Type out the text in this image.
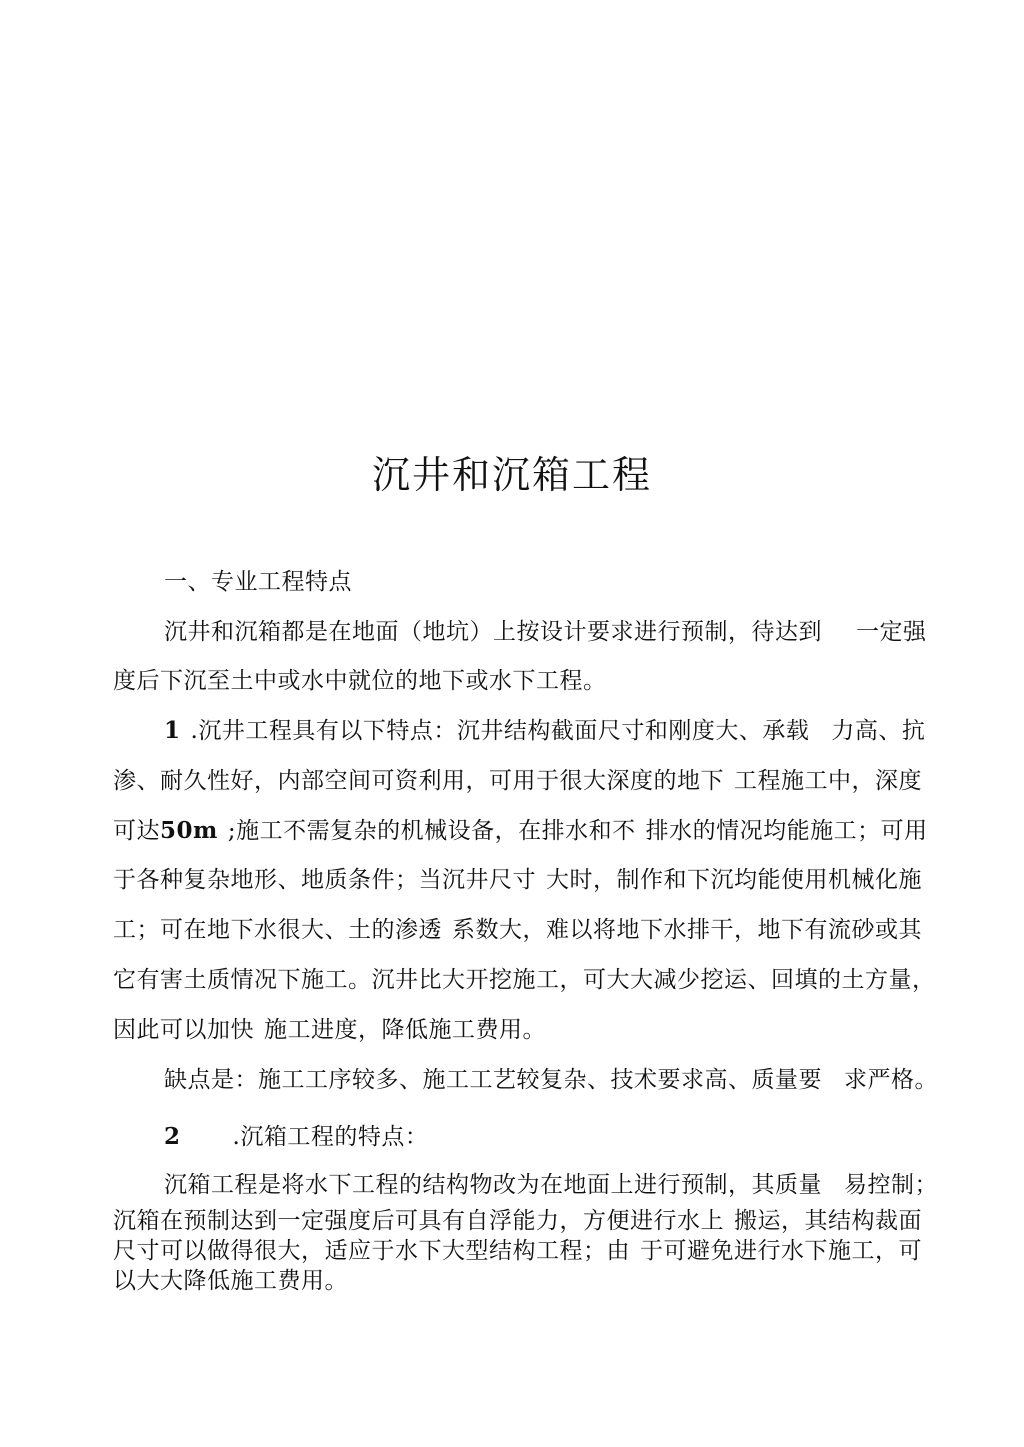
沉井和沉箱工程
一、专业工程特点
沉井和沉箱都是在地面（地坑）上按设计要求进行预制，待达到 一定强
度后下沉至土中或水中就位的地下或水下工程。
1 .沉井工程具有以下特点：沉井结构截面尺寸和刚度大、承载 力高、抗
渗、耐久性好，内部空间可资利用，可用于很大深度的地下 工程施工中，深度
可达50m ;施工不需复杂的机械设备，在排水和不 排水的情况均能施工；可用
于各种复杂地形、地质条件；当沉井尺寸 大时，制作和下沉均能使用机械化施
工；可在地下水很大、土的渗透 系数大，难以将地下水排干，地下有流砂或其
它有害土质情况下施工。沉井比大开挖施工，可大大减少挖运、回填的土方量，
因此可以加快 施工进度，降低施工费用。
缺点是：施工工序较多、施工工艺较复杂、技术要求高、质量要 求严格。
2 .沉箱工程的特点：
沉箱工程是将水下工程的结构物改为在地面上进行预制，其质量 易控制；
沉箱在预制达到一定强度后可具有自浮能力，方便进行水上 搬运，其结构裁面
尺寸可以做得很大，适应于水下大型结构工程；由 于可避免进行水下施工，可
以大大降低施工费用。
